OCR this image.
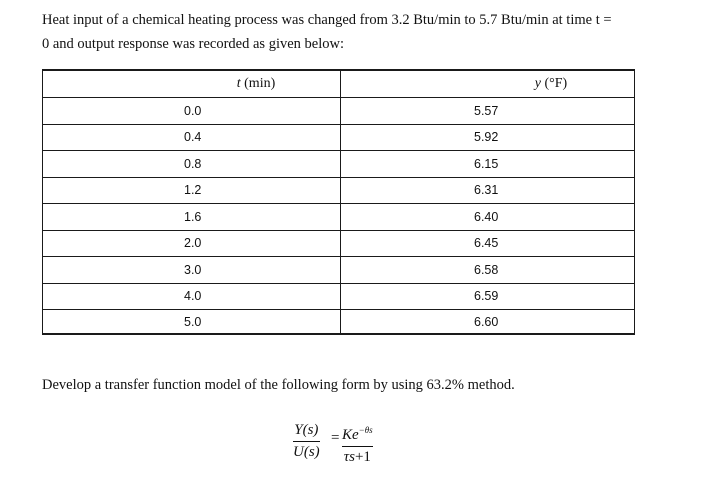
Heat input of a chemical heating process was changed from 3.2 Btu/min to 5.7 Btu/min at time t =
0 and output response was recorded as given below:

t (min)	y (°F)

0.0	5.57
0.4	5.92
0.8	6.15
1.2	6.31
1.6	6.40
2.0	6.45
3.0	6.58
4.0	6.59
5.0	6.60

Develop a transfer function model of the following form by using 63.2% method.

Y(s)
U(s)
= $Ke^{-\theta s}$
τs+1
